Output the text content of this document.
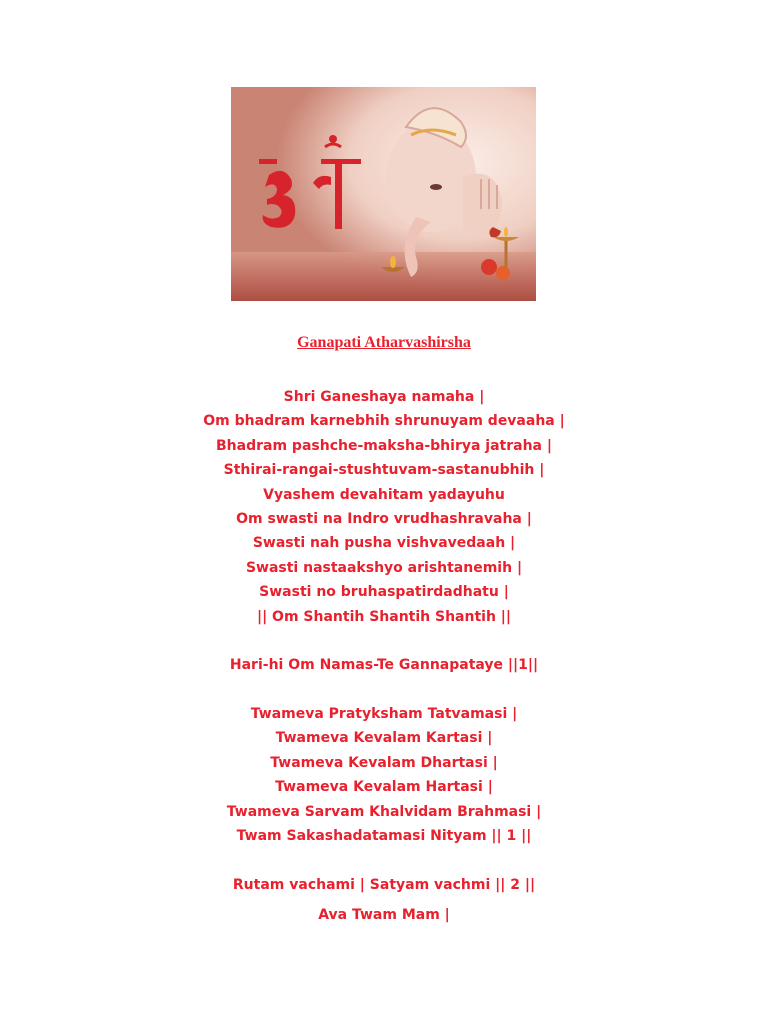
Ganapati Atharvashirsha
Shri Ganeshaya namaha |
Om bhadram karnebhih shrunuyam devaaha |
Bhadram pashche-maksha-bhirya jatraha |
Sthirai-rangai-stushtuvam-sastanubhih |
Vyashem devahitam yadayuhu
Om swasti na Indro vrudhashravaha |
Swasti nah pusha vishvavedaah |
Swasti nastaakshyo arishtanemih |
Swasti no bruhaspatirdadhatu |
|| Om Shantih Shantih Shantih ||
Hari-hi Om Namas-Te Gannapataye ||1||
Twameva Pratyksham Tatvamasi |
Twameva Kevalam Kartasi |
Twameva Kevalam Dhartasi |
Twameva Kevalam Hartasi |
Twameva Sarvam Khalvidam Brahmasi |
Twam Sakashadatamasi Nityam || 1 ||
Rutam vachami | Satyam vachmi || 2 ||
Ava Twam Mam |
